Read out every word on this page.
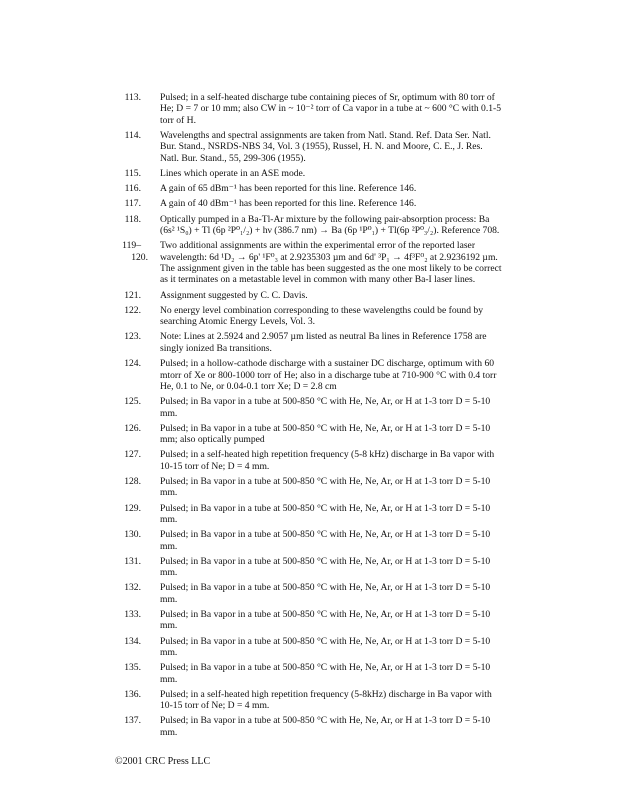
113. Pulsed; in a self-heated discharge tube containing pieces of Sr, optimum with 80 torr of He; D = 7 or 10 mm; also CW in ~ 10⁻² torr of Ca vapor in a tube at ~ 600 °C with 0.1-5 torr of H.
114. Wavelengths and spectral assignments are taken from Natl. Stand. Ref. Data Ser. Natl. Bur. Stand., NSRDS-NBS 34, Vol. 3 (1955), Russel, H. N. and Moore, C. E., J. Res. Natl. Bur. Stand., 55, 299-306 (1955).
115. Lines which operate in an ASE mode.
116. A gain of 65 dBm⁻¹ has been reported for this line. Reference 146.
117. A gain of 40 dBm⁻¹ has been reported for this line. Reference 146.
118. Optically pumped in a Ba-Tl-Ar mixture by the following pair-absorption process: Ba (6s² ¹S₀) + Tl (6p ²P⁰₁/₂) + hν (386.7 nm) → Ba (6p ¹P⁰₁) + Tl(6p ²P⁰₃/₂). Reference 708.
119–
120.
Two additional assignments are within the experimental error of the reported laser wavelength: 6d ¹D₂ → 6p' ¹F⁰₃ at 2.9235303 µm and 6d' ³P₁ → 4f³F⁰₂ at 2.9236192 µm. The assignment given in the table has been suggested as the one most likely to be correct as it terminates on a metastable level in common with many other Ba-I laser lines.
121. Assignment suggested by C. C. Davis.
122. No energy level combination corresponding to these wavelengths could be found by searching Atomic Energy Levels, Vol. 3.
123. Note: Lines at 2.5924 and 2.9057 µm listed as neutral Ba lines in Reference 1758 are singly ionized Ba transitions.
124. Pulsed; in a hollow-cathode discharge with a sustainer DC discharge, optimum with 60 mtorr of Xe or 800-1000 torr of He; also in a discharge tube at 710-900 °C with 0.4 torr He, 0.1 to Ne, or 0.04-0.1 torr Xe; D = 2.8 cm
125. Pulsed; in Ba vapor in a tube at 500-850 °C with He, Ne, Ar, or H at 1-3 torr D = 5-10 mm.
126. Pulsed; in Ba vapor in a tube at 500-850 °C with He, Ne, Ar, or H at 1-3 torr D = 5-10 mm; also optically pumped
127. Pulsed; in a self-heated high repetition frequency (5-8 kHz) discharge in Ba vapor with 10-15 torr of Ne; D = 4 mm.
128. Pulsed; in Ba vapor in a tube at 500-850 °C with He, Ne, Ar, or H at 1-3 torr D = 5-10 mm.
129. Pulsed; in Ba vapor in a tube at 500-850 °C with He, Ne, Ar, or H at 1-3 torr D = 5-10 mm.
130. Pulsed; in Ba vapor in a tube at 500-850 °C with He, Ne, Ar, or H at 1-3 torr D = 5-10 mm.
131. Pulsed; in Ba vapor in a tube at 500-850 °C with He, Ne, Ar, or H at 1-3 torr D = 5-10 mm.
132. Pulsed; in Ba vapor in a tube at 500-850 °C with He, Ne, Ar, or H at 1-3 torr D = 5-10 mm.
133. Pulsed; in Ba vapor in a tube at 500-850 °C with He, Ne, Ar, or H at 1-3 torr D = 5-10 mm.
134. Pulsed; in Ba vapor in a tube at 500-850 °C with He, Ne, Ar, or H at 1-3 torr D = 5-10 mm.
135. Pulsed; in Ba vapor in a tube at 500-850 °C with He, Ne, Ar, or H at 1-3 torr D = 5-10 mm.
136. Pulsed; in a self-heated high repetition frequency (5-8kHz) discharge in Ba vapor with 10-15 torr of Ne; D = 4 mm.
137. Pulsed; in Ba vapor in a tube at 500-850 °C with He, Ne, Ar, or H at 1-3 torr D = 5-10 mm.
©2001 CRC Press LLC
